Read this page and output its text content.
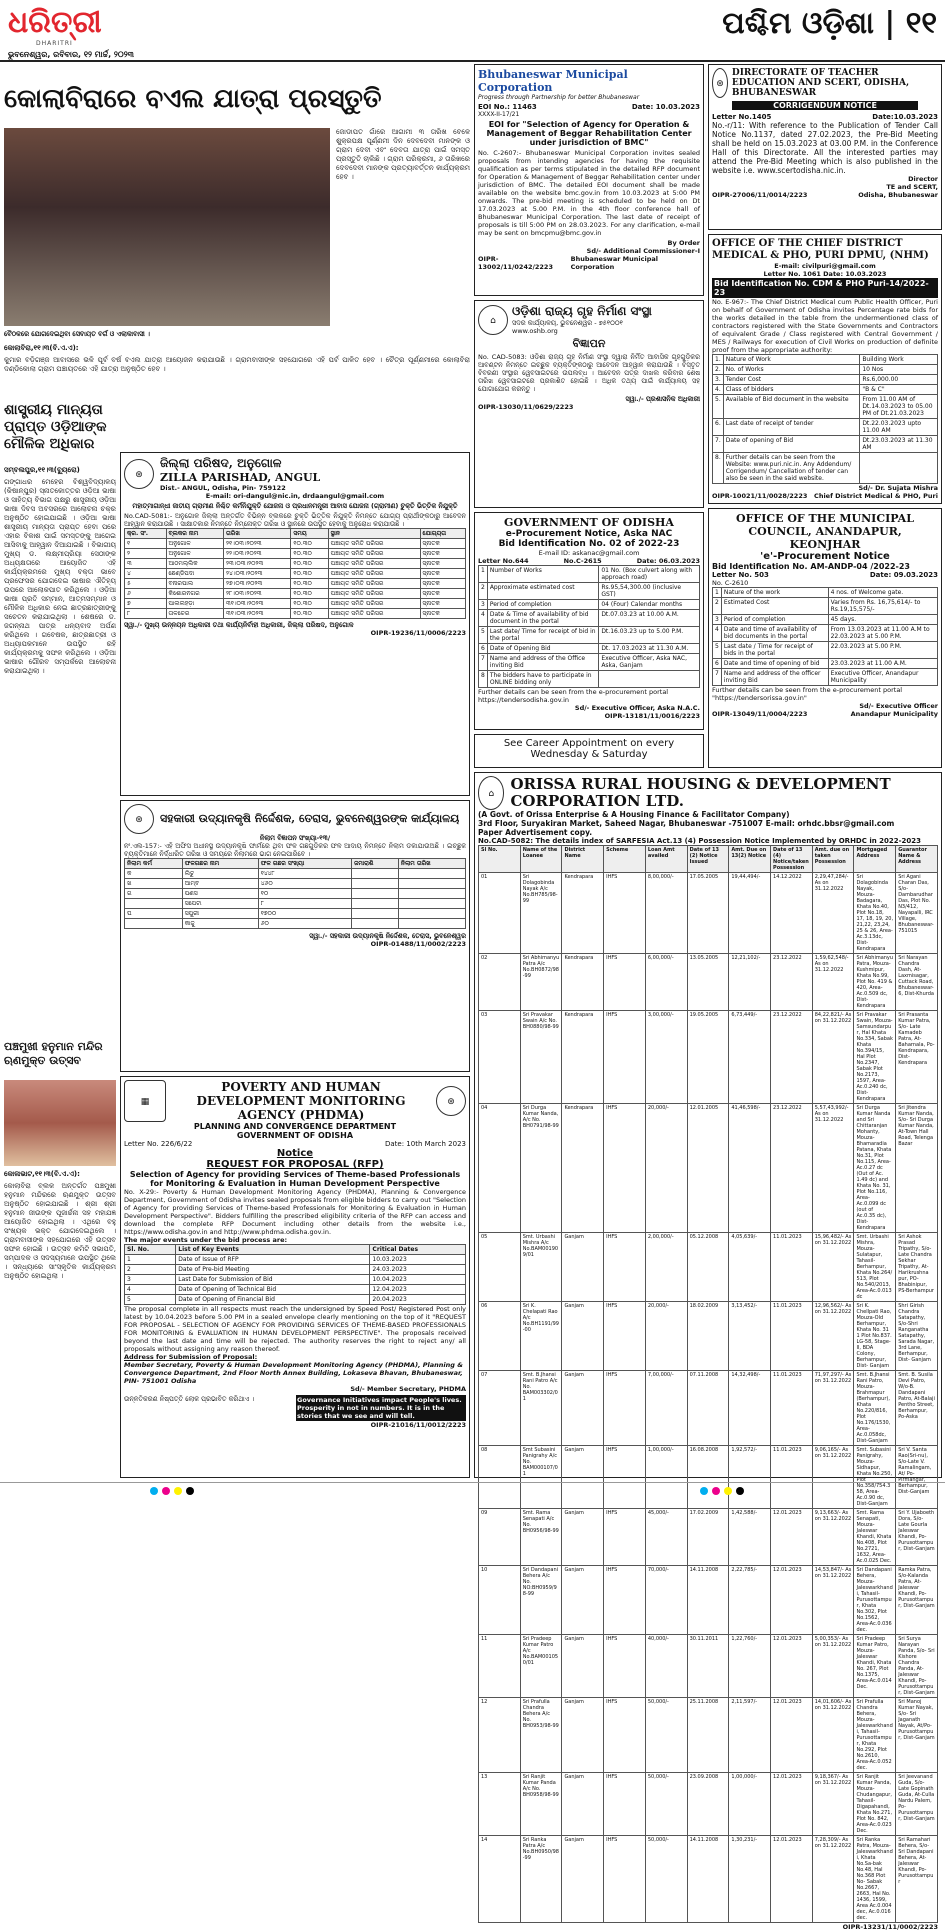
ଧରିତ୍ରୀ
DHARITRI
ଭୁବନେଶ୍ୱର, ରବିବାର, ୧୨ ମାର୍ଚ୍ଚ, ୨୦୨୩
ପଶ୍ଚିମ ଓଡ଼ିଶା | ୧୧
କୋଲାବିରାରେ ବଏଲ ଯାତ୍ରା ପ୍ରସ୍ତୁତି
ଜୋଡାପତ ଗାଁରେ ଆଗାମୀ ୩ ତାରିଖ ବେଳେ ଶୁକ୍ରପକ୍ଷ ପୂର୍ଣ୍ଣମୀ ଦିନ ଦେବଦେବୀ ମାନଙ୍କ ଓ ଗ୍ରାମ ଦେବୀ ଏବଂ ଦେବତା ଯାତ୍ରା ପାଇଁ ସମସ୍ତ ପ୍ରସ୍ତୁତି ଚାଲିଛି । ଗ୍ରାମ ପରିକ୍ରମା, ୬ ତାରିଖରେ ଦେବଦେବୀ ମାନଙ୍କ ପ୍ରତ୍ୟାବର୍ତ୍ତନ କାର୍ଯ୍ୟକ୍ରମ ହେବ ।
ବୈଠକରେ ଯୋଗଦେଇଥିବା ସେବାୟତ ବର୍ଗ ଓ ଏଲାକାବାସୀ ।
କୋଲାବିରା,୧୧।୩(ବି.ଏ.ଏ):
କୁମାର ବଡ଼ିଗଞ୍ଜ ଆବାସରେ ଭଳି ପୂର୍ବ ବର୍ଷ ବଏଲ ଯାତ୍ରା ଆୟୋଜନ କରାଯାଉଛି । ଗ୍ରାମବାସୀଙ୍କ ସହଯୋଗରେ ଏହି ପର୍ବ ପାଳିତ ହେବ । ଚୈତ୍ର ପୂର୍ଣ୍ଣମୀରେ କୋଲାବିରା ଦଣ୍ଡିକୋଲା ଗ୍ରାମ ପଞ୍ଚାୟତରେ ଏହି ଯାତ୍ରା ଅନୁଷ୍ଠିତ ହେବ ।
ଶାସ୍ତ୍ରୀୟ ମାନ୍ୟତା ପ୍ରାପ୍ତ ଓଡ଼ିଆଙ୍କ ମୌଳିକ ଅଧିକାର
ସମ୍ବଲପୁର,୧୧।୩(ବ୍ୟୁରୋ)
ଗଙ୍ଗାଧର ମେହେର ବିଶ୍ୱବିଦ୍ୟାଳୟ (କିଷାନ୍‌ପୁର) ସ୍ନାତକୋତ୍ତର ଓଡ଼ିଆ ଭାଷା ଓ ସାହିତ୍ୟ ବିଭାଗ ପକ୍ଷରୁ ଶାସ୍ତ୍ରୀୟ ଓଡ଼ିଆ ଭାଷା ଦିବସ ଅବସରରେ ଆଲୋଚନା ଚକ୍ର ଅନୁଷ୍ଠିତ ହୋଇଯାଇଛି । ଓଡ଼ିଆ ଭାଷା ଶାସ୍ତ୍ରୀୟ ମାନ୍ୟତା ପ୍ରାପ୍ତ ହେବା ପରେ ଏହାର ବିକାଶ ପାଇଁ ସମସ୍ତଙ୍କୁ ଆଗେଇ ଆସିବାକୁ ଆହ୍ୱାନ ଦିଆଯାଇଛି । ବିଭାଗୀୟ ମୁଖ୍ୟ ଡ. ଲକ୍ଷ୍ମୀପ୍ରିୟା ସେଠୀଙ୍କ ଅଧ୍ୟକ୍ଷତାରେ ଆୟୋଜିତ ଏହି କାର୍ଯ୍ୟକ୍ରମରେ ମୁଖ୍ୟ ବକ୍ତା ଭାବେ ପ୍ରଫେସର ଯୋଗଦେଇ ଭାଷାର ଐତିହ୍ୟ ଉପରେ ଆଲୋକପାତ କରିଥିଲେ । ଓଡ଼ିଆ ଭାଷା ପ୍ରତି ସମ୍ମାନ, ଆତ୍ମସମ୍ମାନ ଓ ମୌଳିକ ଅଧିକାର ନେଇ ଛାତ୍ରଛାତ୍ରୀଙ୍କୁ ସଚେତନ କରାଯାଇଥିଲା । ଶେଷରେ ଡ. ଜଗନ୍ନାଥ ପାତ୍ର ଧନ୍ୟବାଦ ଅର୍ପଣ କରିଥିଲେ । ଗବେଷକ, ଛାତ୍ରଛାତ୍ରୀ ଓ ଅଧ୍ୟାପକମାନେ ଉପସ୍ଥିତ ରହି କାର୍ଯ୍ୟକ୍ରମକୁ ସଫଳ କରିଥିଲେ । ଓଡ଼ିଆ ଭାଷାର ଗୌରବ ସମ୍ପର୍କରେ ଆଲୋଚନା କରାଯାଇଥିଲା ।
ପଞ୍ଚମୁଖୀ ହନୁମାନ ମନ୍ଦିର ଋଣମୁକ୍ତ ଉତ୍ସବ
କୋଳାଭାଟ,୧୧।୩(ବି.ଏ.ଏ):
କୋଲାବିରା ବ୍ଲକ ଅନ୍ତର୍ଗତ ପଞ୍ଚମୁଖୀ ହନୁମାନ ମନ୍ଦିରରେ ଋଣମୁକ୍ତ ଉତ୍ସବ ଅନୁଷ୍ଠିତ ହୋଇଯାଇଛି । ଶ୍ରୀ ଶ୍ରୀ ହନୁମାନ ଜୀଉଙ୍କ ପୂଜାର୍ଚ୍ଚନା ସହ ମହାଯଜ୍ଞ ଆୟୋଜିତ ହୋଇଥିଲା । ଏଥିରେ ବହୁ ସଂଖ୍ୟକ ଭକ୍ତ ଯୋଗଦେଇଥିଲେ । ଗ୍ରାମବାସୀଙ୍କ ସହଯୋଗରେ ଏହି ଉତ୍ସବ ସଫଳ ହୋଇଛି । ଉତ୍ସବ କମିଟି ସଭାପତି, ସମ୍ପାଦକ ଓ ସଦସ୍ୟମାନେ ଉପସ୍ଥିତ ଥିଲେ । ସନ୍ଧ୍ୟାରେ ସାଂସ୍କୃତିକ କାର୍ଯ୍ୟକ୍ରମ ଅନୁଷ୍ଠିତ ହୋଇଥିଲା ।
Bhubaneswar Municipal Corporation
Progress through Partnership for better Bhubaneswar
EOI No.: 11463	Date: 10.03.2023
XXXX-II-17/21
EOI for "Selection of Agency for Operation & Management of Beggar Rehabilitation Center under jurisdiction of BMC"
No. C-2607:- Bhubaneswar Municipal Corporation invites sealed proposals from intending agencies for having the requisite qualification as per terms stipulated in the detailed RFP document for Operation & Management of Beggar Rehabilitation center under jurisdiction of BMC. The detailed EOI document shall be made available on the website bmc.gov.in from 10.03.2023 at 5:00 PM onwards. The pre-bid meeting is scheduled to be held on Dt 17.03.2023 at 5.00 P.M. in the 4th floor conference hall of Bhubaneswar Municipal Corporation. The last date of receipt of proposals is till 5:00 PM on 28.03.2023. For any clarification, e-mail may be sent on bmcpmu@bmc.gov.in
By Order
Sd/- Additional Commissioner-I
OIPR-13002/11/0242/2223
Bhubaneswar Municipal Corporation
⊛
DIRECTORATE OF TEACHER EDUCATION AND SCERT, ODISHA, BHUBANESWAR
CORRIGENDUM NOTICE
Letter No.1405	Date:10.03.2023
No.-r/11: With reference to the Publication of Tender Call Notice No.1137, dated 27.02.2023, the Pre-Bid Meeting shall be held on 15.03.2023 at 03.00 P.M. in the Conference Hall of this Directorate. All the interested parties may attend the Pre-Bid Meeting which is also published in the website i.e. www.scertodisha.nic.in.
Director
TE and SCERT,
OIPR-27006/11/0014/2223	Odisha, Bhubaneswar
OFFICE OF THE CHIEF DISTRICT MEDICAL & PHO, PURI DPMU, (NHM)
E-mail: civilpuri@gmail.com
Letter No. 1061 Date: 10.03.2023
Bid Identification No. CDM & PHO Puri-14/2022-23
No. E-967:- The Chief District Medical cum Public Health Officer, Puri on behalf of Government of Odisha invites Percentage rate bids for the works detailed in the table from the undermentioned class of contractors registered with the State Governments and Contractors of equivalent Grade / Class registered with Central Government / MES / Railways for execution of Civil Works on production of definite proof from the appropriate authority:
1.	Nature of Work	Building Work
2.	No. of Works	10 Nos
3.	Tender Cost	Rs.6,000.00
4.	Class of bidders	"B & C"
5.	Available of Bid document in the website	From 11.00 AM of Dt.14.03.2023 to 05.00 PM of Dt.21.03.2023
6.	Last date of receipt of tender	Dt.22.03.2023 upto 11.00 AM
7.	Date of opening of Bid	Dt.23.03.2023 at 11.30 AM
8.	Further details can be seen from the Website: www.puri.nic.in. Any Addendum/ Corrigendum/ Cancellation of tender can also be seen in the said website.	
Sd/- Dr. Sujata Mishra
OIPR-10021/11/0028/2223 Chief District Medical & PHO, Puri
⌂
ଓଡ଼ିଶା ରାଜ୍ୟ ଗୃହ ନିର୍ମାଣ ସଂସ୍ଥା
ସଦର କାର୍ଯ୍ୟାଳୟ, ଭୁବନେଶ୍ୱର - ୭୫୧୦୦୧
www.oshb.org
ବିଜ୍ଞାପନ
No. CAD-5083: ଓଡ଼ିଶା ରାଜ୍ୟ ଗୃହ ନିର୍ମାଣ ସଂସ୍ଥା ଦ୍ୱାରା ନିର୍ମିତ ଆବାସିକ ଗୃହଗୁଡ଼ିକର ଆବଣ୍ଟନ ନିମନ୍ତେ ଇଚ୍ଛୁକ ବ୍ୟକ୍ତିଙ୍କଠାରୁ ଆବେଦନ ଆହ୍ୱାନ କରାଯାଉଛି । ବିସ୍ତୃତ ବିବରଣୀ ସଂସ୍ଥାର ୱେବସାଇଟରେ ଉପଲବ୍ଧ । ଆବେଦନ ପତ୍ର ଦାଖଲ କରିବାର ଶେଷ ତାରିଖ ୱେବସାଇଟରେ ପ୍ରକାଶିତ ହୋଇଛି । ଅଧିକ ତଥ୍ୟ ପାଇଁ କାର୍ଯ୍ୟାଳୟ ସହ ଯୋଗାଯୋଗ କରନ୍ତୁ ।
ସ୍ୱା./- ପ୍ରଶାସନିକ ଅଧିକାରୀ
OIPR-13030/11/0629/2223
⊛
ଜିଲ୍ଲା ପରିଷଦ, ଅନୁଗୋଳ
ZILLA PARISHAD, ANGUL
Dist.- ANGUL, Odisha, Pin- 759122
E-mail: ori-dangul@nic.in, drdaangul@gmail.com
ମହାତ୍ମାଗାନ୍ଧୀ ଜାତୀୟ ଗ୍ରାମୀଣ ନିଶ୍ଚିତ କର୍ମନିଯୁକ୍ତି ଯୋଜନା ଓ ପ୍ରଧାନମନ୍ତ୍ରୀ ଆବାସ ଯୋଜନା (ଗ୍ରାମୀଣ) ଚୁକ୍ତି ଭିତ୍ତିକ ନିଯୁକ୍ତି
No.CAD-5081:- ଅନୁଗୋଳ ଜିଲ୍ଲା ଅନ୍ତର୍ଗତ ବିଭିନ୍ନ ବ୍ଲକରେ ଚୁକ୍ତି ଭିତ୍ତିକ ନିଯୁକ୍ତି ନିମନ୍ତେ ଯୋଗ୍ୟ ପ୍ରାର୍ଥୀଙ୍କଠାରୁ ଆବେଦନ ଆହ୍ୱାନ କରାଯାଉଛି । ସାକ୍ଷାତକାର ନିମନ୍ତେ ନିମ୍ନୋକ୍ତ ତାରିଖ ଓ ସ୍ଥାନରେ ଉପସ୍ଥିତ ହେବାକୁ ଅନୁରୋଧ କରାଯାଉଛି ।
କ୍ର. ସଂ.	ବ୍ଲକର ନାମ	ତାରିଖ	ସମୟ	ସ୍ଥାନ	ଯୋଗ୍ୟତା
୧	ଅନୁଗୋଳ	୨୧।୦୩।୨୦୨୩	୧୦.୩୦	ପଞ୍ଚାୟତ ସମିତି ପରିସର	ସ୍ନାତକ
୨	ଅନୁଗୋଳ	୨୨।୦୩।୨୦୨୩	୧୦.୩୦	ପଞ୍ଚାୟତ ସମିତି ପରିସର	ସ୍ନାତକ
୩	ଆଠମଲ୍ଲିକ	୨୩।୦୩।୨୦୨୩	୧୦.୩୦	ପଞ୍ଚାୟତ ସମିତି ପରିସର	ସ୍ନାତକ
୪	ଛେଣ୍ଡିପଦା	୨୪।୦୩।୨୦୨୩	୧୦.୩୦	ପଞ୍ଚାୟତ ସମିତି ପରିସର	ସ୍ନାତକ
୫	ବନାରପାଲ	୨୭।୦୩।୨୦୨୩	୧୦.୩୦	ପଞ୍ଚାୟତ ସମିତି ପରିସର	ସ୍ନାତକ
୬	କିଶୋରନଗର	୨୮।୦୩।୨୦୨୩	୧୦.୩୦	ପଞ୍ଚାୟତ ସମିତି ପରିସର	ସ୍ନାତକ
୭	ପାଲଲହଡ଼ା	୩୧।୦୩।୨୦୨୩	୧୦.୩୦	ପଞ୍ଚାୟତ ସମିତି ପରିସର	ସ୍ନାତକ
୮	ତାଳଚେର	୩୧।୦୩।୨୦୨୩	୧୦.୩୦	ପଞ୍ଚାୟତ ସମିତି ପରିସର	ସ୍ନାତକ
ସ୍ୱା./- ମୁଖ୍ୟ ଉନ୍ନୟନ ଅଧିକାରୀ ତଥା କାର୍ଯ୍ୟନିର୍ବାହୀ ଅଧିକାରୀ, ଜିଲ୍ଲା ପରିଷଦ, ଅନୁଗୋଳ
OIPR-19236/11/0006/2223
⊛	ସହକାରୀ ଉଦ୍ୟାନକୃଷି ନିର୍ଦ୍ଦେଶକ, ତେରାସ, ଭୁବନେଶ୍ୱରଙ୍କ କାର୍ଯ୍ୟାଳୟ
ନିଲାମ ବିଜ୍ଞାପନ ସଂଖ୍ୟା-୧୩/
ନଂ.ଏଲ-157:- ଏହି ଅଫିସ ଅଧୀନସ୍ଥ ଉଦ୍ୟାନକୃଷି ଫାର୍ମରେ ଥିବା ଫଳ ଗଛଗୁଡ଼ିକର ଫଳ ଆଦାୟ ନିମନ୍ତେ ନିଲାମ ଡକାଯାଉଅଛି । ଇଚ୍ଛୁକ ବ୍ୟକ୍ତିମାନେ ନିର୍ଦ୍ଧାରିତ ତାରିଖ ଓ ସମୟରେ ନିଲାମରେ ଭାଗ ନେଇପାରିବେ ।
ନିଲାମ କର୍ମ	ଫଳଗଛର ନାମ	ଫଳ ଗଛର ସଂଖ୍ୟା	ଜମାରାଶି	ନିଲାମ ତାରିଖ
କ	ଲିଚୁ	୧୪୪୮		
ଖ	ଆମ୍ବ	୪୬୦		
ଗ	ପଣସ	୧୦		
	ସପେଟା	୮		
ଘ	ସପୁରୀ	୧୭୦୦		
	କାଜୁ	୬୦		
ସ୍ୱା./- ସହକାରୀ ଉଦ୍ୟାନକୃଷି ନିର୍ଦ୍ଦେଶକ, ତେରାସ, ଭୁବନେଶ୍ୱର
OIPR-01488/11/0002/2223
▦
POVERTY AND HUMAN DEVELOPMENT MONITORING AGENCY (PHDMA)
⊛
PLANNING AND CONVERGENCE DEPARTMENT
GOVERNMENT OF ODISHA
Letter No. 226/6/22	Date: 10th March 2023
Notice
REQUEST FOR PROPOSAL (RFP)
Selection of Agency for providing Services of Theme-based Professionals for Monitoring & Evaluation in Human Development Perspective
No. X-29:- Poverty & Human Development Monitoring Agency (PHDMA), Planning & Convergence Department, Government of Odisha invites sealed proposals from eligible bidders to carry out "Selection of Agency for providing Services of Theme-based Professionals for Monitoring & Evaluation in Human Development Perspective". Bidders fulfilling the prescribed eligibility criteria of the RFP can access and download the complete RFP Document including other details from the website i.e., https://www.odisha.gov.in and http://www.phdma.odisha.gov.in.
The major events under the bid process are:
Sl. No.	List of Key Events	Critical Dates
1	Date of Issue of RFP	10.03.2023
2	Date of Pre-bid Meeting	24.03.2023
3	Last Date for Submission of Bid	10.04.2023
4	Date of Opening of Technical Bid	12.04.2023
5	Date of Opening of Financial Bid	20.04.2023
The proposal complete in all respects must reach the undersigned by Speed Post/ Registered Post only latest by 10.04.2023 before 5.00 PM in a sealed envelope clearly mentioning on the top of it "REQUEST FOR PROPOSAL - SELECTION OF AGENCY FOR PROVIDING SERVICES OF THEME-BASED PROFESSIONALS FOR MONITORING & EVALUATION IN HUMAN DEVELOPMENT PERSPECTIVE". The proposals received beyond the last date and time will be rejected. The authority reserves the right to reject any/ all proposals without assigning any reason thereof.
Address for Submission of Proposal:
Member Secretary, Poverty & Human Development Monitoring Agency (PHDMA), Planning & Convergence Department, 2nd Floor North Annex Building, Lokaseva Bhavan, Bhubaneswar, PIN- 751001 Odisha
Sd/- Member Secretary, PHDMA
ଉନ୍ନତିକରଣ ନିଷ୍ପତ୍ତି ଲୋକ ପ୍ରଭାବିତ କରିଥାଏ ।	Governance Initiatives impact People's lives. Prosperity in not in numbers. It is in the stories that we see and will tell.
OIPR-21016/11/0012/2223
GOVERNMENT OF ODISHA
e-Procurement Notice, Aska NAC
Bid Identification No. 02 of 2022-23
E-mail ID: askanac@gmail.com
Letter No.644	No.C-2615	Date: 06.03.2023
1	Number of Works	01 No. (Box culvert along with approach road)
2	Approximate estimated cost	Rs.95,54,300.00 (inclusive GST)
3	Period of completion	04 (Four) Calendar months
4	Date & Time of availability of bid document in the portal	Dt.07.03.23 at 10.00 A.M.
5	Last date/ Time for receipt of bid in the portal	Dt.16.03.23 up to 5.00 P.M.
6	Date of Opening Bid	Dt. 17.03.2023 at 11.30 A.M.
7	Name and address of the Office inviting Bid	Executive Officer, Aska NAC, Aska, Ganjam
8	The bidders have to participate in ONLINE bidding only	
Further details can be seen from the e-procurement portal https://tendersodisha.gov.in
Sd/- Executive Officer, Aska N.A.C.
OIPR-13181/11/0016/2223
See Career Appointment on every
Wednesday & Saturday
OFFICE OF THE MUNICIPAL COUNCIL, ANANDAPUR, KEONJHAR
'e'-Procurement Notice
Bid Identification No. AM-ANDP-04 /2022-23
Letter No. 503	Date: 09.03.2023
No. C-2610
1	Nature of the work	4 nos. of Welcome gate.
2	Estimated Cost	Varies from Rs. 16,75,614/- to Rs.19,15,575/-
3	Period of completion	45 days.
4	Date and time of availability of bid documents in the portal	From 13.03.2023 at 11.00 A.M to 22.03.2023 at 5.00 P.M.
5	Last date / Time for receipt of bids in the portal	22.03.2023 at 5.00 P.M.
6	Date and time of opening of bid	23.03.2023 at 11.00 A.M.
7	Name and address of the officer inviting Bid	Executive Officer, Anandapur Municipality
Further details can be seen from the e-procurement portal "https://tendersorissa.gov.in"
Sd/- Executive Officer
OIPR-13049/11/0004/2223	Anandapur Municipality
⌂
ORISSA RURAL HOUSING & DEVELOPMENT CORPORATION LTD.
(A Govt. of Orissa Enterprise & A Housing Finance & Facilitator Company)
3rd Floor, Suryakiran Market, Saheed Nagar, Bhubaneswar -751007 E-mail: orhdc.bbsr@gmail.com
Paper Advertisement copy.
No.CAD-5082: The details index of SARFESIA Act.13 (4) Possession Notice Implemented by ORHDC in 2022-2023
Sl No.	Name of the Loanee	District Name	Scheme	Loan Amt availed	Date of 13 (2) Notice Issued	Amt. Due on 13(2) Notice	Date of 13 (4) Notice/taken Possession	Amt. due on taken Possession	Mortgaged Address	Guarantor Name & Address
01	Sri Dolagobinda Nayak A/c No.BH785/98-99	Kendrapara	IHFS	8,00,000/-	17.05.2005	19,44,494/-	14.12.2022	2,29,47,284/- As on 31.12.2022	Sri Dolagobinda Nayak, Mouza-Badagara, Khata No.40, Plot No.18, 17, 18, 19, 20, 21,22, 23,24, 25 & 26, Area-Ac.3.13dc, Dist- Kendrapara	Sri Agani Charan Das, S/o- Dambarudhar Das, Plot No. N3/412, Nayapalli, IRC Village, Bhubaneswar-751015
02	Sri Abhimanyu Patra A/c No.BH0872/98-99	Kendrapara	IHFS	6,00,000/-	13.05.2005	12,21,102/-	23.12.2022	1,59,62,548/- As on 31.12.2022	Sri Abhimanyu Patra, Mouza-Kushmipur, Khata No.99, Plot No. 419 & 420, Area-Ac.0.509 dc, Dist-Kendrapara	Sri Narayan Chandra Dash, At-Laxmisagar, Cuttack Road, Bhubaneswar-6, Dist-Khurda
03	Sri Pravakar Swain A/c No. BH0880/98-99	Kendrapara	IHFS	3,00,000/-	19.05.2005	6,73,449/-	23.12.2022	84,22,821/- As on 31.12.2022	Sri Pravakar Swain, Mouza-Samsundarpur, Hal Khata No.334, Sabak Khata No.394/15, Hal Plot No.2347, Sabak Plot No.2173, 1597, Area-Ac.0.240 dc, Dist-Kendrapara	Sri Prasanta Kumar Patra, S/o- Late Kamadeb Patra, At-Baharnala, Po-Kendrapara, Dist-Kendrapara
04	Sri Durga Kumar Nanda, A/c No. BH0791/98-99	Kendrapara	IHFS	20,000/-	12.01.2005	41,46,598/-	23.12.2022	5,57,43,992/- As on 31.12.2022	Sri Durga Kumar Nanda and Sri Chittaranjan Mohanty, Mouza- Bhamaradia Patana, Khata No.31, Plot No.115, Area- Ac.0.27 dc (Out of Ac. 1.49 dc) and Khata No. 31, Plot No.116, Area- Ac.0.099 dc (out of Ac.0.35 dc), Dist-Kendrapara	Sri Jitendra Kumar Nanda, S/o- Sri Durga Kumar Nanda, At-Town Hall Road, Telenga Bazar
05	Smt. Urbashi Mishra A/c No.BAM001909/01	Ganjam	IHFS	2,00,000/-	05.12.2008	4,05,639/-	11.01.2023	15,96,482/- As on 31.12.2022	Smt. Urbashi Mishra, Mouza-Sulatapur, Tahasil- Berhampur, Khata No.264/ 513, Plot No.540/2013, Area-Ac.0.013 dc	Sri Ashok Prasad Tripathy, S/o- Late Chandra Sekhar Tripathy, At-Harikrushna pur, PO-Bhabinipur, PS-Berhampur
06	Sri K. Chelapati Rao A/c No.BH1191/99-00	Ganjam	IHFS	20,000/-	18.02.2009	3,13,452/-	11.01.2023	12,96,562/- As on 31.12.2022	Sri K. Chellpati Rao, Mouza-Old Berhampur, Khata No. 31 1 Plot No.837. LG-58, Stage-II, BDA Colony, Berhampur, Dist- Ganjam	Shri Girish Chandra Satapathy, S/o-Shri Ranganatha Satapathy, Sarada Nagar, 3rd Lane, Berhampur, Dist- Ganjam
07	Smt. B.Jhansi Rani Patro A/c No. BAM003302/01	Ganjam	IHFS	7,00,000/-	07.11.2008	14,32,498/-	11.01.2023	71,97,297/- As on 31.12.2022	Smt. B.Jhansi Rani Patro, Mouza-Brahmapur (Berhampur), Khata No.220/816, Plot No.176/1530, Area-Ac.0.058dc, Dist-Ganjam	Smt. B. Susila Devi Patro, W/o-B. Dandapani Patro, At-Balaji Pentho Street, Berhampur, Po-Aska
08	Smt Subasini Panigrahy A/c No. BAM000107/01	Ganjam	IHFS	1,00,000/-	16.08.2008	1,92,572/-	11.01.2023	9,06,165/- As on 31.12.2022	Smt. Subasini Panigrahy, Mouza-Sidhapur, Khata No.250, Plot No.358/754.358, Area-Ac.0.90 dc, Dist-Ganjam	Sri V. Santa Rao(Sri-nu), S/o-Late V. Ramalingam, At/ Po-Pirmangar, Berhampur, Dist-Ganjam
09	Smt. Rama Senapati A/c No. BH0956/98-99	Ganjam	IHFS	45,000/-	17.02.2009	1,42,588/-	12.01.2023	9,13,663/- As on 31.12.2022	Smt. Rama Senapati, Mouza-Jaleswar Khandi, Khata No.408, Plot No.2721, 1632, Area- Ac.0.025 Dec.	Sri Y. Ujaboeth Dora, S/o- Late Gourla Jaleswar Khandi, Po-Purusottampur, Dist-Ganjam
10	Sri Dandapani Behera A/c No. NO:BH0959/98-99	Ganjam	IHFS	70,000/-	14.11.2008	2,22,785/-	12.01.2023	14,53,847/- As on 31.12.2022	Sri Dandapani Behera, Mouza-Jaleswarkhandi, Tahasil-Purusottampur, Khata No.302, Plot No.1562, Area-Ac.0.036 dec.	Ramka Patra, S/o-Kalanda Patra, At-Jaleswar Khandi, Po-Purusottampur, Dist-Ganjam
11	Sri Pradeep Kumar Patro A/c No.BAM001050/01	Ganjam	IHFS	40,000/-	30.11.2011	1,22,760/-	12.01.2023	5,00,353/- As on 31.12.2022	Sri Pradeep Kumar Patro, Mouza-Jaleswar Khandi, Khata No. 267, Plot No.1375, Area-Ac.0.014 Dec.	Sri Surya Narayan Panda, S/o- Sri Kishore Chandra Panda, At-Jaleswar Khandi, Po-Purusottampur, Dist-Ganjam
12	Sri Prafulla Chandra Behera A/c No. BH0953/98-99	Ganjam	IHFS	50,000/-	25.11.2008	2,11,597/-	12.01.2023	14,01,606/- As on 31.12.2022	Sri Prafulla Chandra Behera, Mouza-Jaleswarkhandi, Tahasil-Purusottampur, Khata No.292, Plot No.2610, Area-Ac.0.052 dec.	Sri Manoj Kumar Nayak, S/o- Sri Jaganath Nayak, At/Po-Purusottampur, Dist-Ganjam
13	Sri Ranjit Kumar Panda A/c No. BH0958/98-99	Ganjam	IHFS	50,000/-	23.09.2008	1,00,000/-	12.01.2023	9,18,367/- As on 31.12.2022	Sri Ranjit Kumar Panda, Mouza-Chudangapur, Tahasil- Digapahandi, Khata No.271, Plot No. 842, Area-Ac.0.023 Dec.	Sri Jeevanand Guda, S/o- Late Gopinath Guda, At-Culla Nardu Palem, Po-Purusottampur, Dist-Ganjam
14	Sri Ranka Patra A/c No.BH0950/98-99	Ganjam	IHFS	50,000/-	14.11.2008	1,30,231/-	12.01.2023	7,28,309/- As on 31.12.2022	Sri Ranka Patra, Mouza-Jaleswarkhandi, Khata No.Sa-bak No.48, Hal No.368 Plot No- Sabak No.2667, 2663, Hal No. 1436, 1599, Area Ac.0.004 dec, Ac.0.016 dec.	Sri Ramahari Behera, S/o-Sri Dandapani Behera, At-Jaleswar Khandi, Po- Purusottampur
OIPR-13231/11/0002/2223
